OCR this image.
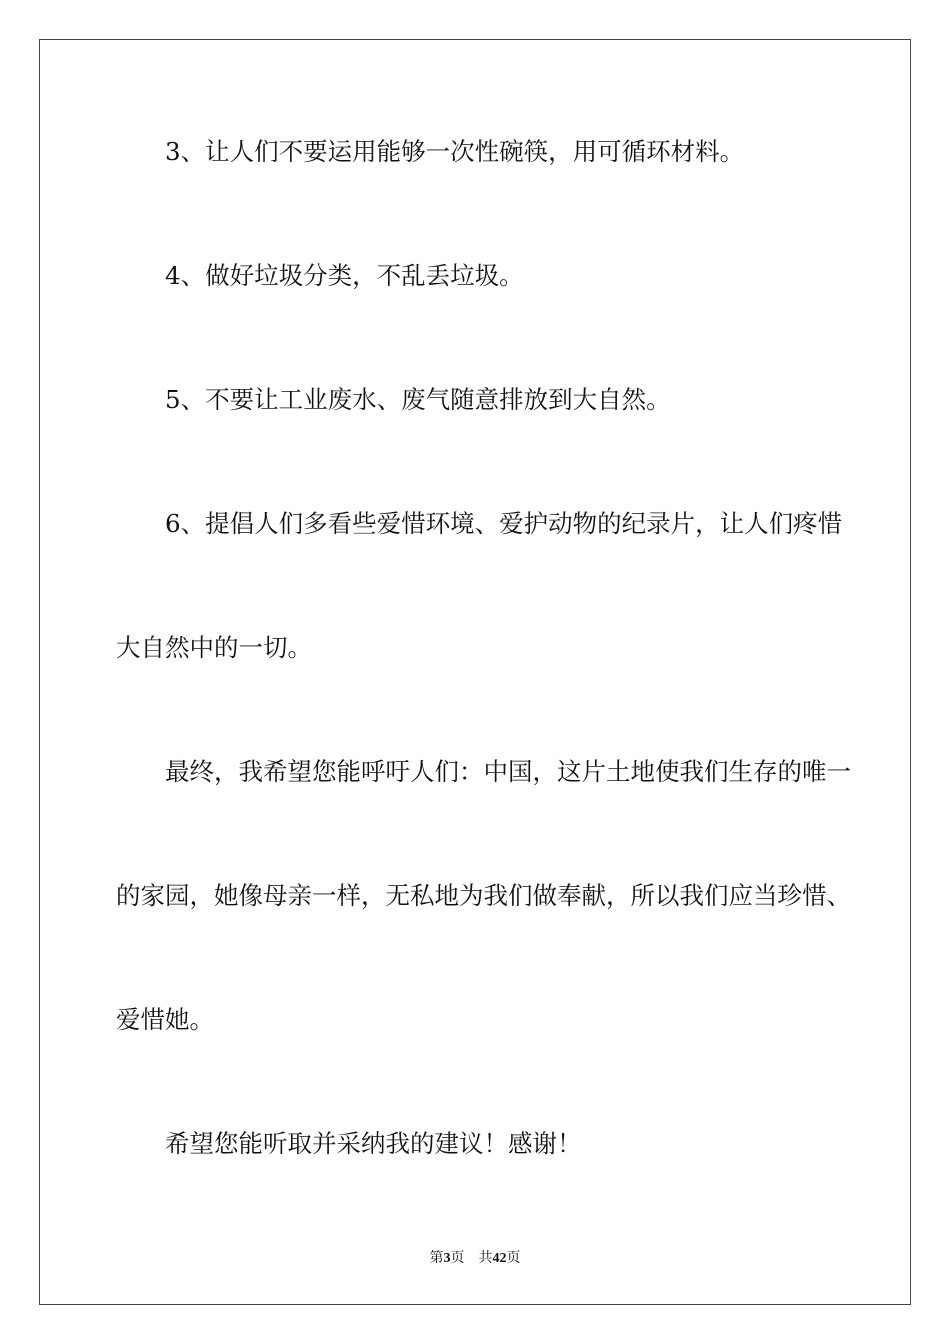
3、让人们不要运用能够一次性碗筷，用可循环材料。
4、做好垃圾分类，不乱丢垃圾。
5、不要让工业废水、废气随意排放到大自然。
6、提倡人们多看些爱惜环境、爱护动物的纪录片，让人们疼惜
大自然中的一切。
最终，我希望您能呼吁人们：中国，这片土地使我们生存的唯一
的家园，她像母亲一样，无私地为我们做奉献，所以我们应当珍惜、
爱惜她。
希望您能听取并采纳我的建议！感谢！
第3页 共42页
